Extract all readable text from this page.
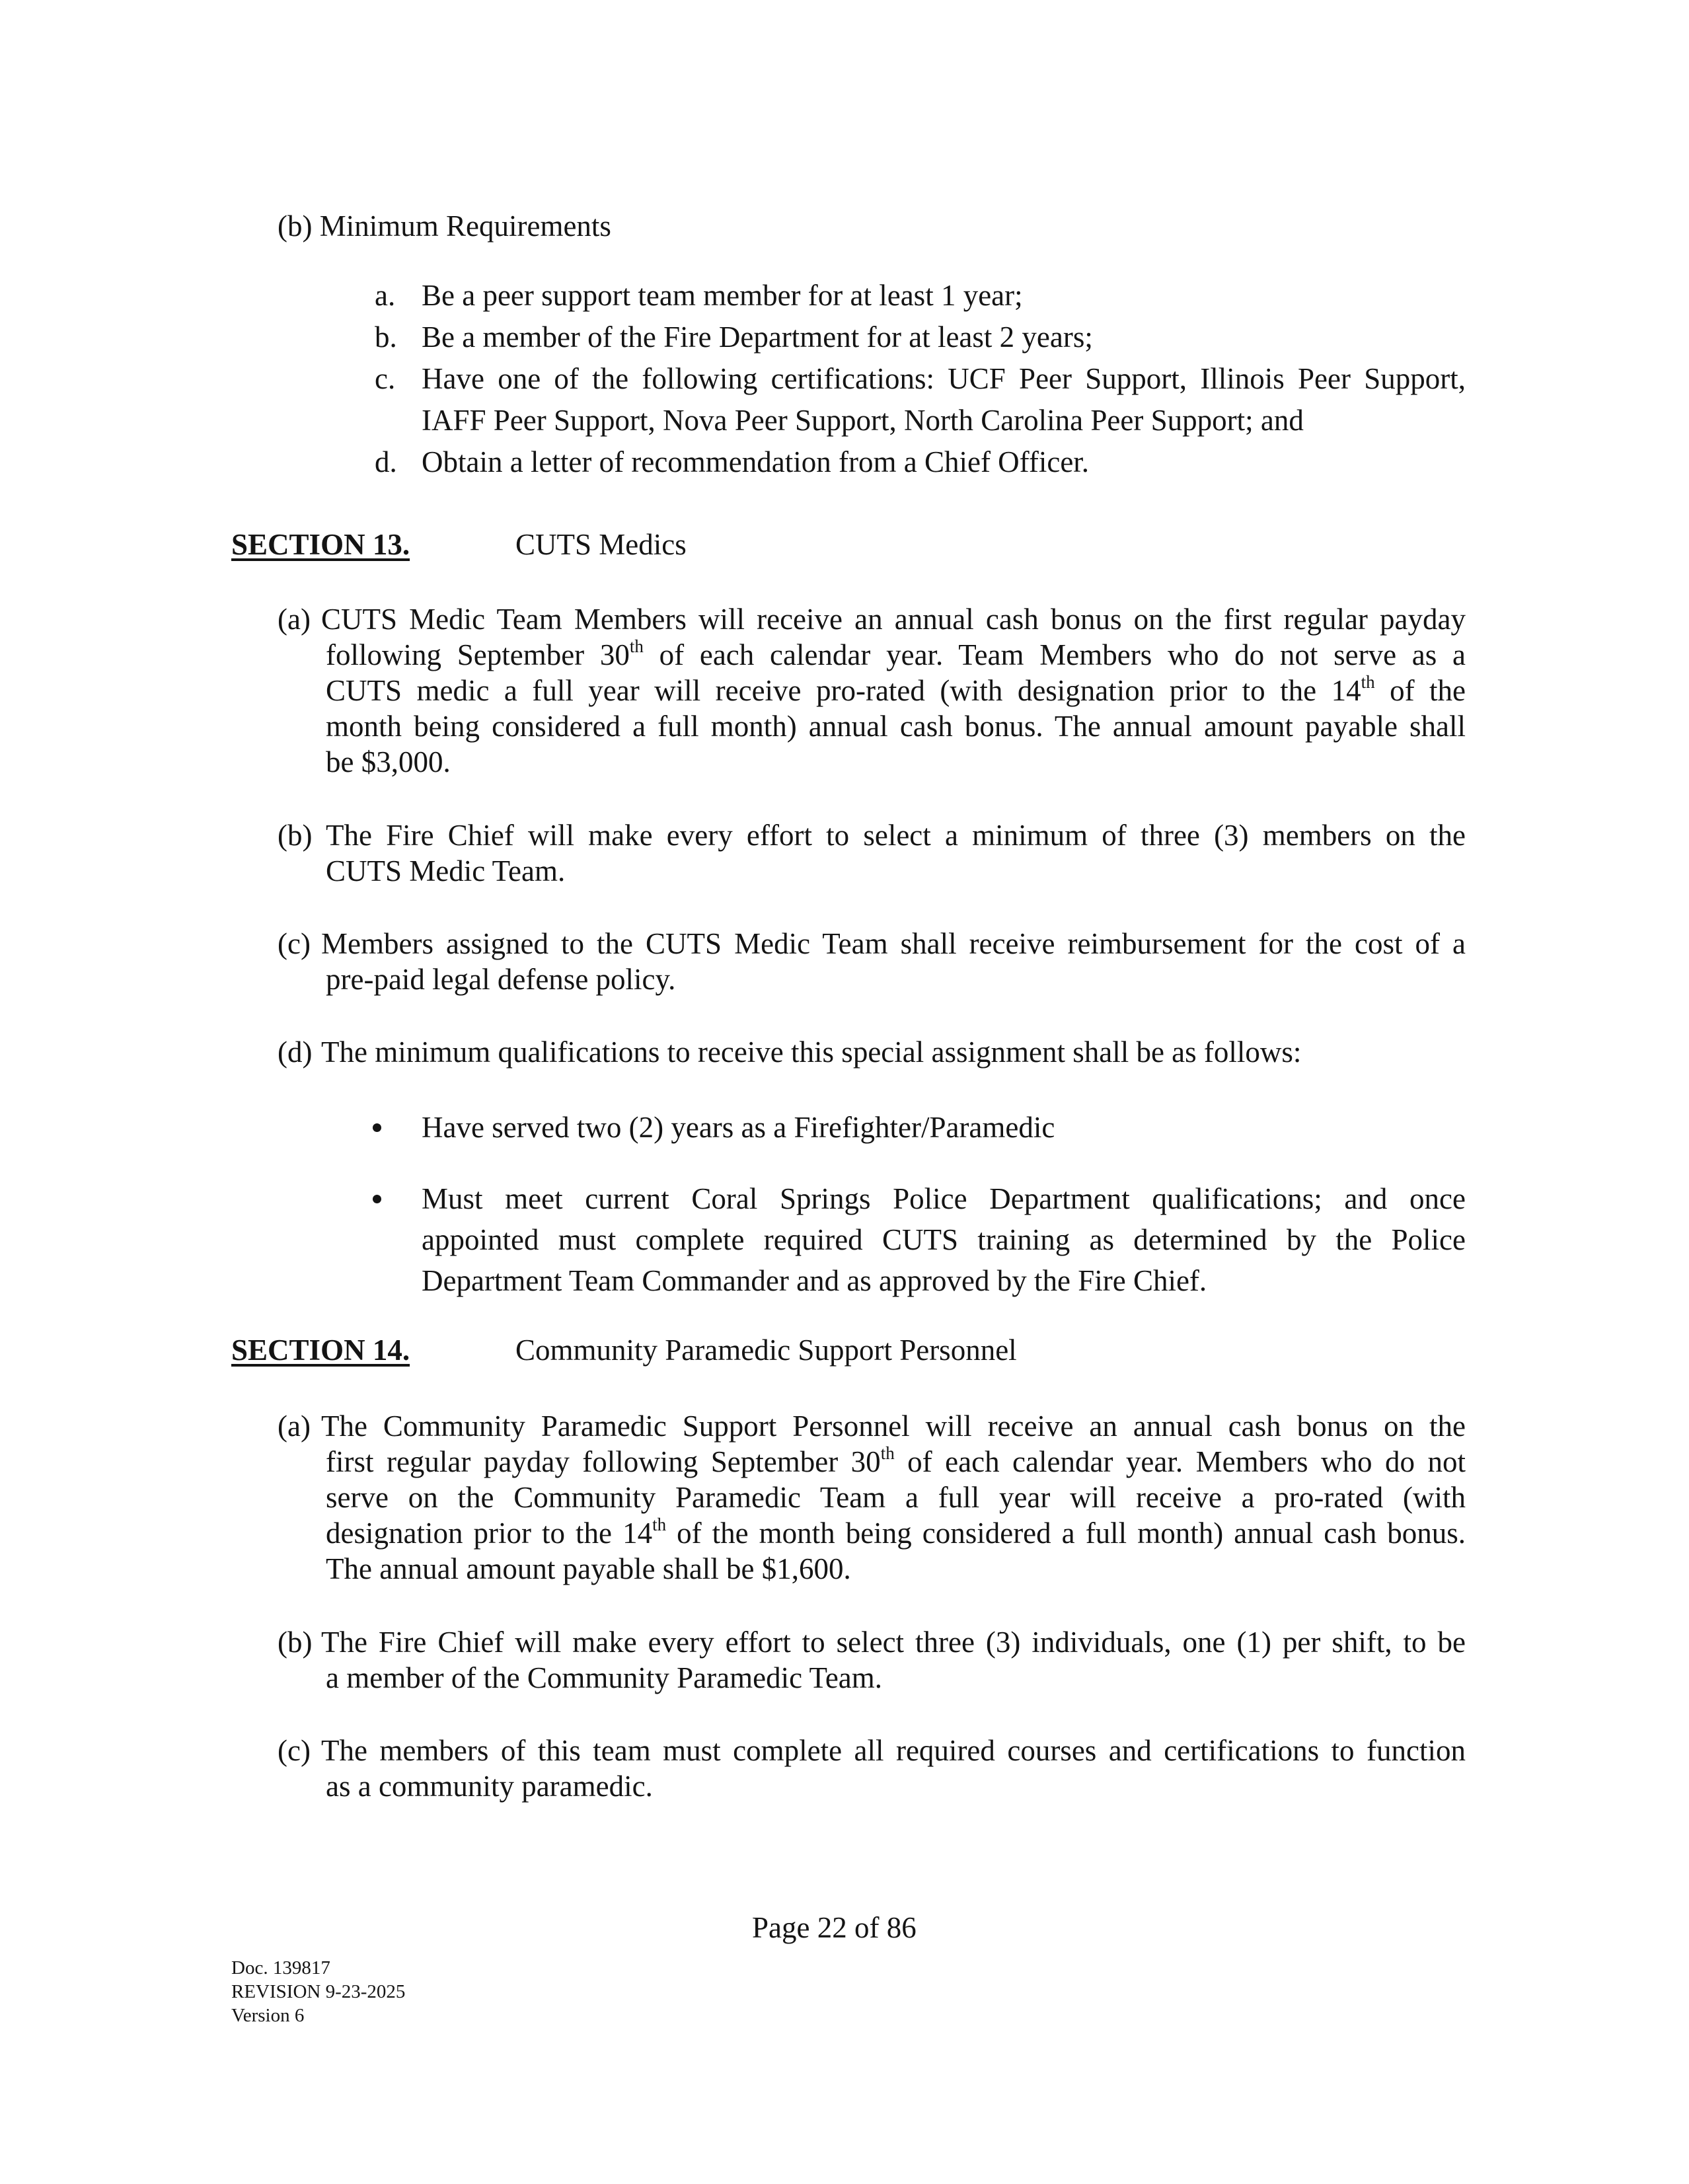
(b) Minimum Requirements
a. Be a peer support team member for at least 1 year;
b. Be a member of the Fire Department for at least 2 years;
c. Have one of the following certifications: UCF Peer Support, Illinois Peer Support,
IAFF Peer Support, Nova Peer Support, North Carolina Peer Support; and
d. Obtain a letter of recommendation from a Chief Officer.
SECTION 13.	CUTS Medics
(a) CUTS Medic Team Members will receive an annual cash bonus on the first regular payday
following September 30th of each calendar year. Team Members who do not serve as a
CUTS medic a full year will receive pro-rated (with designation prior to the 14th of the
month being considered a full month) annual cash bonus. The annual amount payable shall
be $3,000.
(b) The Fire Chief will make every effort to select a minimum of three (3) members on the
CUTS Medic Team.
(c) Members assigned to the CUTS Medic Team shall receive reimbursement for the cost of a
pre-paid legal defense policy.
(d) The minimum qualifications to receive this special assignment shall be as follows:
Have served two (2) years as a Firefighter/Paramedic
Must meet current Coral Springs Police Department qualifications; and once
appointed must complete required CUTS training as determined by the Police
Department Team Commander and as approved by the Fire Chief.
SECTION 14.	Community Paramedic Support Personnel
(a) The Community Paramedic Support Personnel will receive an annual cash bonus on the
first regular payday following September 30th of each calendar year. Members who do not
serve on the Community Paramedic Team a full year will receive a pro-rated (with
designation prior to the 14th of the month being considered a full month) annual cash bonus.
The annual amount payable shall be $1,600.
(b) The Fire Chief will make every effort to select three (3) individuals, one (1) per shift, to be
a member of the Community Paramedic Team.
(c) The members of this team must complete all required courses and certifications to function
as a community paramedic.
Page 22 of 86
Doc. 139817
REVISION 9-23-2025
Version 6
